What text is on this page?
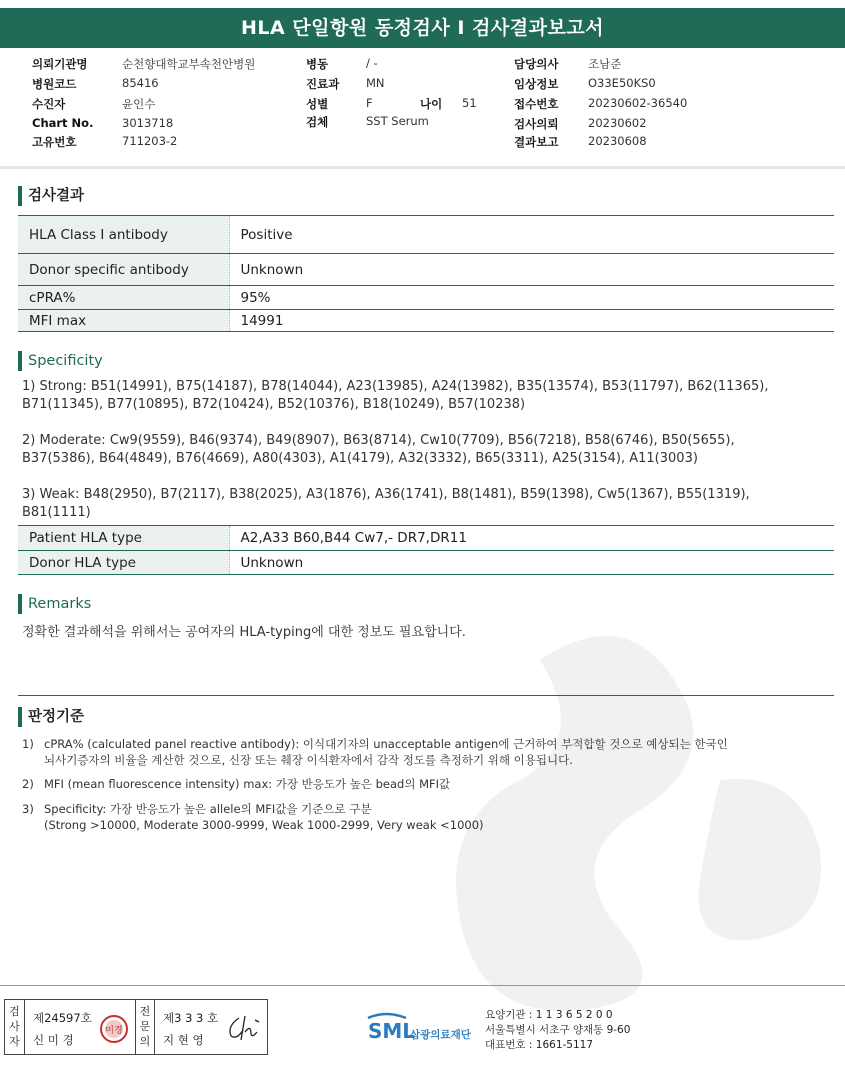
HLA 단일항원 동정검사 I 검사결과보고서
의뢰기관명	순천향대학교부속천안병원
병원코드	85416
수진자	윤인수
Chart No. 3013718
고유번호	711203-2
병동	/ -
진료과 MN
성별	F	나이 51
검체	SST Serum
담당의사	조남준
임상정보	O33E50KS0
접수번호	20230602-36540
검사의뢰	20230602
결과보고	20230608
검사결과
HLA Class I antibody	Positive
Donor specific antibody	Unknown
cPRA%	95%
MFI max	14991
Specificity
1) Strong: B51(14991), B75(14187), B78(14044), A23(13985), A24(13982), B35(13574), B53(11797), B62(11365),
B71(11345), B77(10895), B72(10424), B52(10376), B18(10249), B57(10238)
2) Moderate: Cw9(9559), B46(9374), B49(8907), B63(8714), Cw10(7709), B56(7218), B58(6746), B50(5655),
B37(5386), B64(4849), B76(4669), A80(4303), A1(4179), A32(3332), B65(3311), A25(3154), A11(3003)
3) Weak: B48(2950), B7(2117), B38(2025), A3(1876), A36(1741), B8(1481), B59(1398), Cw5(1367), B55(1319),
B81(1111)
Patient HLA type	A2,A33 B60,B44 Cw7,- DR7,DR11
Donor HLA type	Unknown
Remarks
정확한 결과해석을 위해서는 공여자의 HLA-typing에 대한 정보도 필요합니다.
판정기준
1) cPRA% (calculated panel reactive antibody): 이식대기자의 unacceptable antigen에 근거하여 부적합할 것으로 예상되는 한국인
뇌사기증자의 비율을 계산한 것으로, 신장 또는 췌장 이식환자에서 감작 정도를 측정하기 위해 이용됩니다.
2) MFI (mean fluorescence intensity) max: 가장 반응도가 높은 bead의 MFI값
3) Specificity: 가장 반응도가 높은 allele의 MFI값을 기준으로 구분
(Strong >10000, Moderate 3000-9999, Weak 1000-2999, Very weak <1000)
검
사
자
제24597호
신 미 경
미경
전
문
의
제3 3 3 호
지 현 영	SML
삼광의료재단
요양기관 : 1 1 3 6 5 2 0 0
서울특별시 서초구 양재동 9-60
대표번호 : 1661-5117
